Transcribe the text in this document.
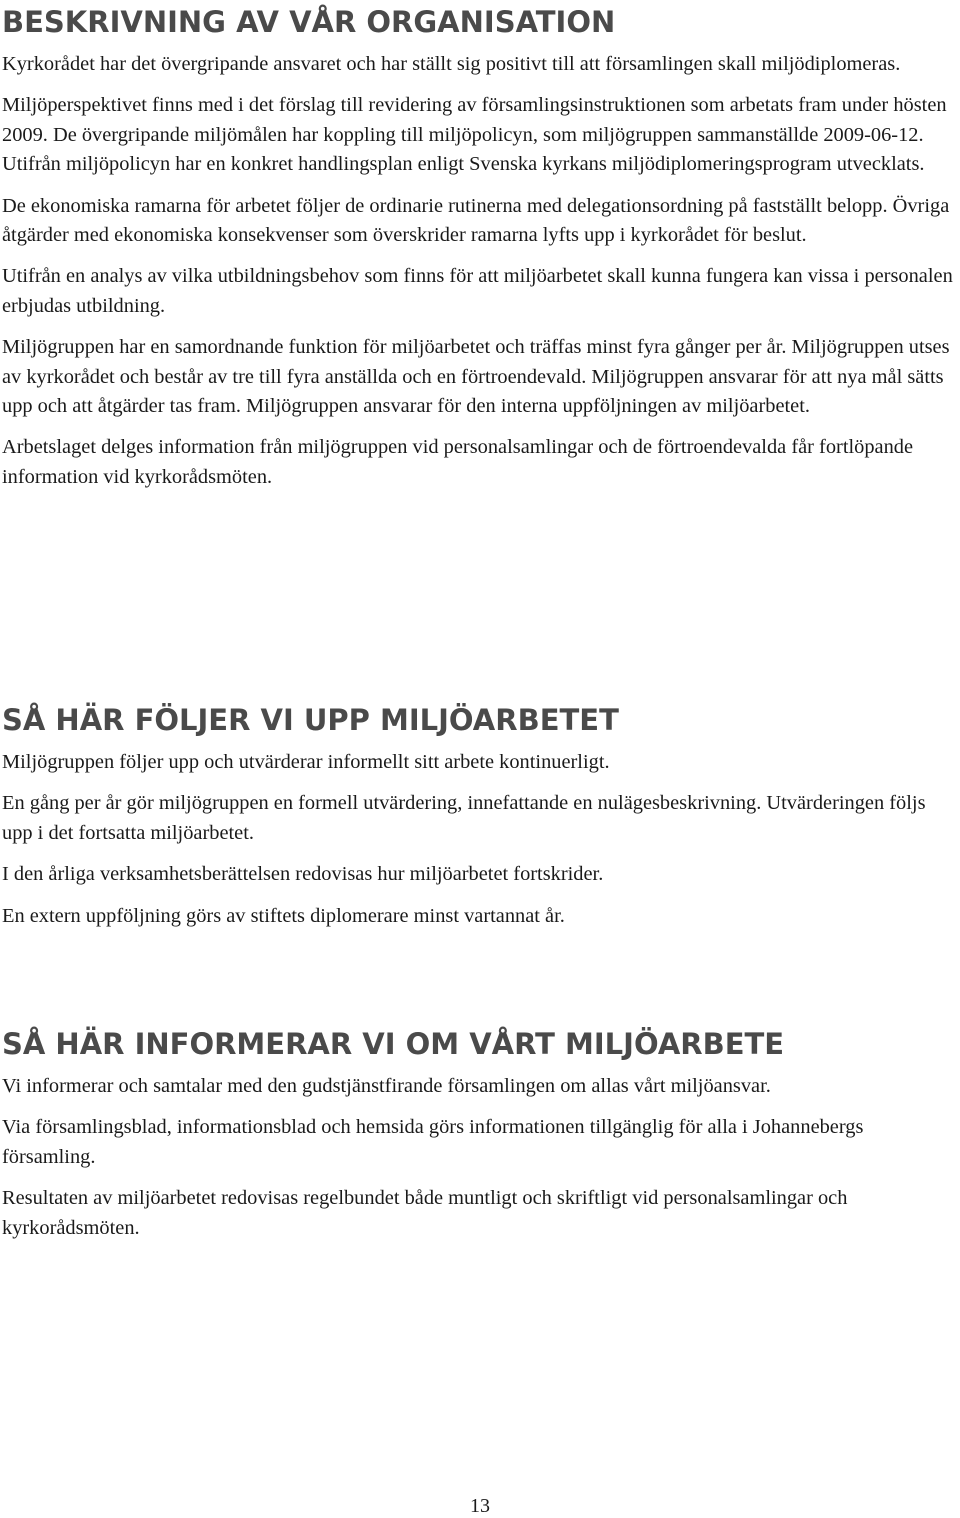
BESKRIVNING AV VÅR ORGANISATION

Kyrkorådet har det övergripande ansvaret och har ställt sig positivt till att församlingen skall miljödiplomeras.

Miljöperspektivet finns med i det förslag till revidering av församlingsinstruktionen som arbetats fram under hösten 2009. De övergripande miljömålen har koppling till miljöpolicyn, som miljögruppen sammanställde 2009-06-12. Utifrån miljöpolicyn har en konkret handlingsplan enligt Svenska kyrkans miljödiplomeringsprogram utvecklats.

De ekonomiska ramarna för arbetet följer de ordinarie rutinerna med delegationsordning på fastställt belopp. Övriga åtgärder med ekonomiska konsekvenser som överskrider ramarna lyfts upp i kyrkorådet för beslut.

Utifrån en analys av vilka utbildningsbehov som finns för att miljöarbetet skall kunna fungera kan vissa i personalen erbjudas utbildning.

Miljögruppen har en samordnande funktion för miljöarbetet och träffas minst fyra gånger per år. Miljögruppen utses av kyrkorådet och består av tre till fyra anställda och en förtroendevald. Miljögruppen ansvarar för att nya mål sätts upp och att åtgärder tas fram. Miljögruppen ansvarar för den interna uppföljningen av miljöarbetet.

Arbetslaget delges information från miljögruppen vid personalsamlingar och de förtroendevalda får fortlöpande information vid kyrkorådsmöten.

SÅ HÄR FÖLJER VI UPP MILJÖARBETET

Miljögruppen följer upp och utvärderar informellt sitt arbete kontinuerligt.

En gång per år gör miljögruppen en formell utvärdering, innefattande en nulägesbeskrivning. Utvärderingen följs upp i det fortsatta miljöarbetet.

I den årliga verksamhetsberättelsen redovisas hur miljöarbetet fortskrider.

En extern uppföljning görs av stiftets diplomerare minst vartannat år.

SÅ HÄR INFORMERAR VI OM VÅRT MILJÖARBETE

Vi informerar och samtalar med den gudstjänstfirande församlingen om allas vårt miljöansvar.

Via församlingsblad, informationsblad och hemsida görs informationen tillgänglig för alla i Johannebergs församling.

Resultaten av miljöarbetet redovisas regelbundet både muntligt och skriftligt vid personalsamlingar och kyrkorådsmöten.

13
